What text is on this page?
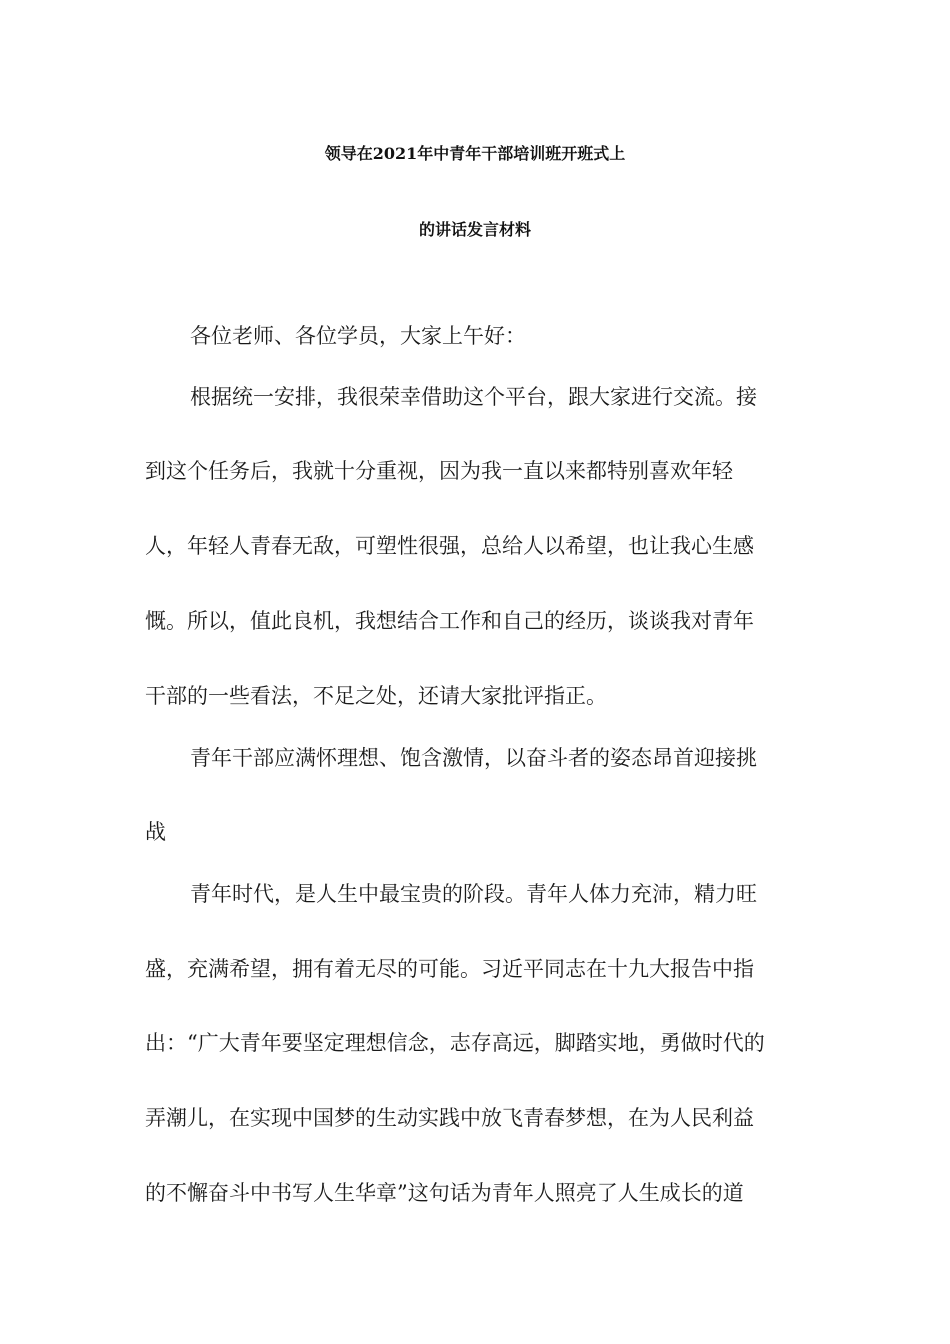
领导在2021年中青年干部培训班开班式上
的讲话发言材料
各位老师、各位学员，大家上午好：
根据统一安排，我很荣幸借助这个平台，跟大家进行交流。接
到这个任务后，我就十分重视，因为我一直以来都特别喜欢年轻
人，年轻人青春无敌，可塑性很强，总给人以希望，也让我心生感
慨。所以，值此良机，我想结合工作和自己的经历，谈谈我对青年
干部的一些看法，不足之处，还请大家批评指正。
青年干部应满怀理想、饱含激情，以奋斗者的姿态昂首迎接挑
战
青年时代，是人生中最宝贵的阶段。青年人体力充沛，精力旺
盛，充满希望，拥有着无尽的可能。习近平同志在十九大报告中指
出：“广大青年要坚定理想信念，志存高远，脚踏实地，勇做时代的
弄潮儿，在实现中国梦的生动实践中放飞青春梦想，在为人民利益
的不懈奋斗中书写人生华章”这句话为青年人照亮了人生成长的道
